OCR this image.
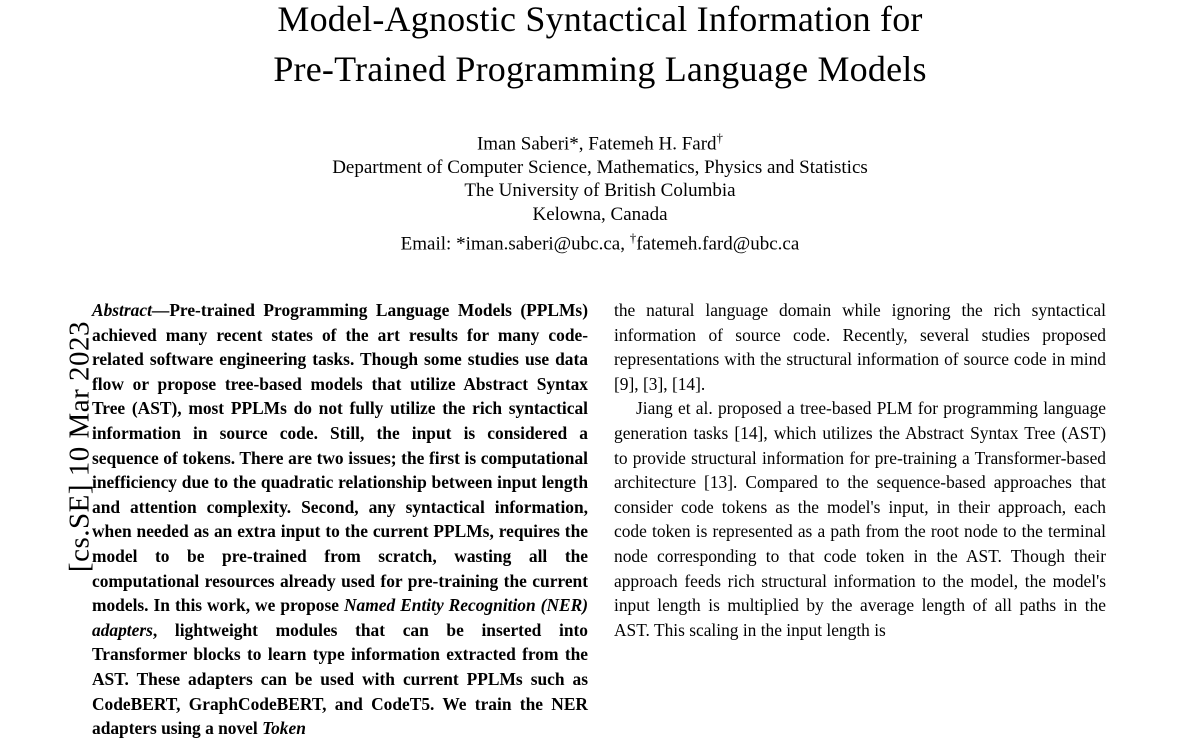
[cs.SE] 10 Mar 2023
Model-Agnostic Syntactical Information for
Pre-Trained Programming Language Models
Iman Saberi*, Fatemeh H. Fard†
Department of Computer Science, Mathematics, Physics and Statistics
The University of British Columbia
Kelowna, Canada
Email: *iman.saberi@ubc.ca, †fatemeh.fard@ubc.ca

Abstract—Pre-trained Programming Language Models (PPLMs) achieved many recent states of the art results for many code-related software engineering tasks. Though some studies use data flow or propose tree-based models that utilize Abstract Syntax Tree (AST), most PPLMs do not fully utilize the rich syntactical information in source code. Still, the input is considered a sequence of tokens. There are two issues; the first is computational inefficiency due to the quadratic relationship between input length and attention complexity. Second, any syntactical information, when needed as an extra input to the current PPLMs, requires the model to be pre-trained from scratch, wasting all the computational resources already used for pre-training the current models. In this work, we propose Named Entity Recognition (NER) adapters, lightweight modules that can be inserted into Transformer blocks to learn type information extracted from the AST. These adapters can be used with current PPLMs such as CodeBERT, GraphCodeBERT, and CodeT5. We train the NER adapters using a novel Token

the natural language domain while ignoring the rich syntactical information of source code. Recently, several studies proposed representations with the structural information of source code in mind [9], [3], [14].

Jiang et al. proposed a tree-based PLM for programming language generation tasks [14], which utilizes the Abstract Syntax Tree (AST) to provide structural information for pre-training a Transformer-based architecture [13]. Compared to the sequence-based approaches that consider code tokens as the model's input, in their approach, each code token is represented as a path from the root node to the terminal node corresponding to that code token in the AST. Though their approach feeds rich structural information to the model, the model's input length is multiplied by the average length of all paths in the AST. This scaling in the input length is
